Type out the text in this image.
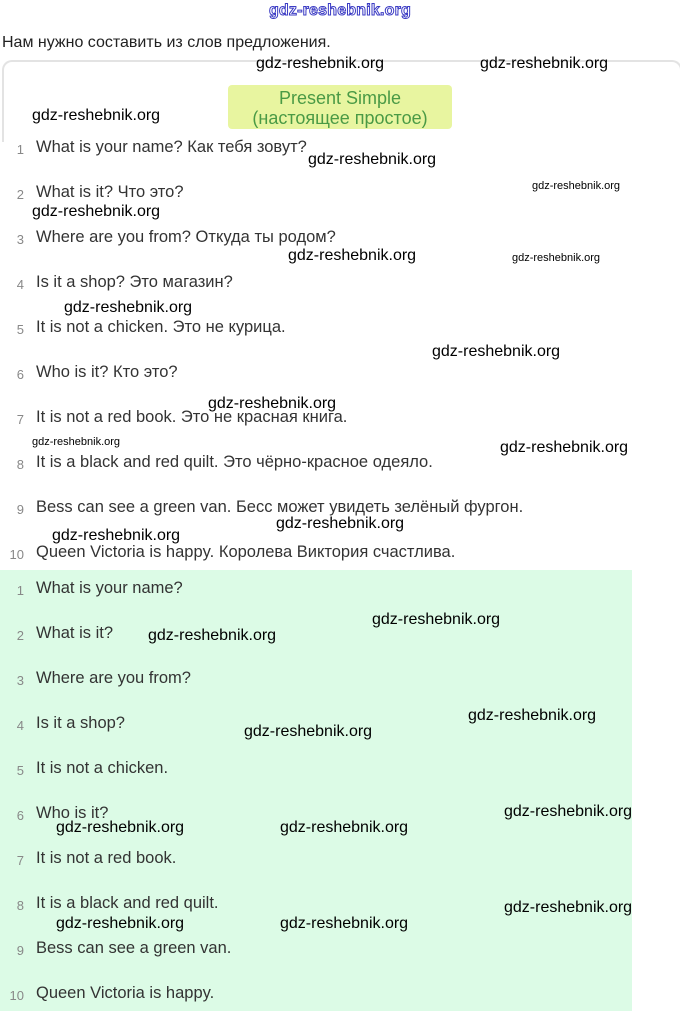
gdz-reshebnik.org
Нам нужно составить из слов предложения.
Present Simple
(настоящее простое)
1 What is your name? Как тебя зовут?
2 What is it? Что это?
3 Where are you from? Откуда ты родом?
4 Is it a shop? Это магазин?
5 It is not a chicken. Это не курица.
6 Who is it? Кто это?
7 It is not a red book. Это не красная книга.
8 It is a black and red quilt. Это чёрно-красное одеяло.
9 Bess can see a green van. Бесс может увидеть зелёный фургон.
10 Queen Victoria is happy. Королева Виктория счастлива.
1 What is your name?
2 What is it?
3 Where are you from?
4 Is it a shop?
5 It is not a chicken.
6 Who is it?
7 It is not a red book.
8 It is a black and red quilt.
9 Bess can see a green van.
10 Queen Victoria is happy.
gdz-reshebnik.org	gdz-reshebnik.org
gdz-reshebnik.org
gdz-reshebnik.org
gdz-reshebnik.org
gdz-reshebnik.org
gdz-reshebnik.org	gdz-reshebnik.org
gdz-reshebnik.org
gdz-reshebnik.org
gdz-reshebnik.org
gdz-reshebnik.org	gdz-reshebnik.org
gdz-reshebnik.org
gdz-reshebnik.org
gdz-reshebnik.org
gdz-reshebnik.org
gdz-reshebnik.org
gdz-reshebnik.org
gdz-reshebnik.org
gdz-reshebnik.org	gdz-reshebnik.org
gdz-reshebnik.org
gdz-reshebnik.org	gdz-reshebnik.org
